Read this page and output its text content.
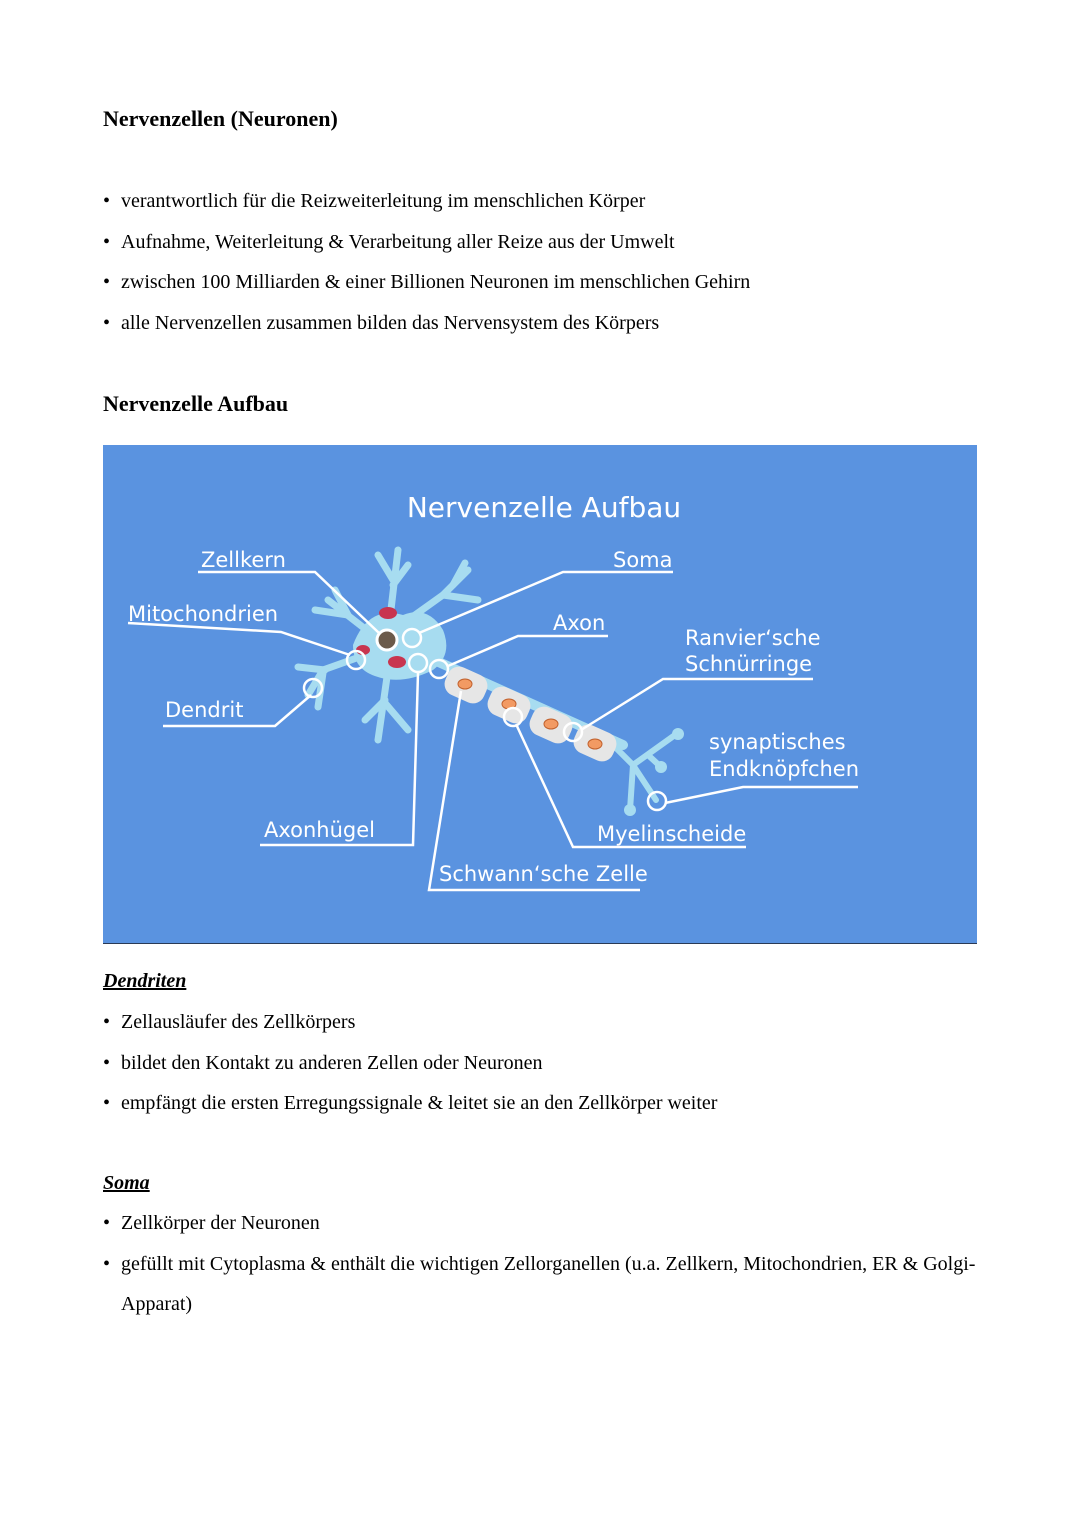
Nervenzellen (Neuronen)
• verantwortlich für die Reizweiterleitung im menschlichen Körper
• Aufnahme, Weiterleitung & Verarbeitung aller Reize aus der Umwelt
• zwischen 100 Milliarden & einer Billionen Neuronen im menschlichen Gehirn
• alle Nervenzellen zusammen bilden das Nervensystem des Körpers
Nervenzelle Aufbau
Nervenzelle Aufbau
Zellkern
Mitochondrien
Dendrit
Soma
Axon
Ranvier‘sche
Schnürringe
synaptisches
Endknöpfchen
Axonhügel	Myelinscheide
Schwann‘sche Zelle
Dendriten
• Zellausläufer des Zellkörpers
• bildet den Kontakt zu anderen Zellen oder Neuronen
• empfängt die ersten Erregungssignale & leitet sie an den Zellkörper weiter
Soma
• Zellkörper der Neuronen
• gefüllt mit Cytoplasma & enthält die wichtigen Zellorganellen (u.a. Zellkern, Mitochondrien, ER & Golgi-Apparat)
